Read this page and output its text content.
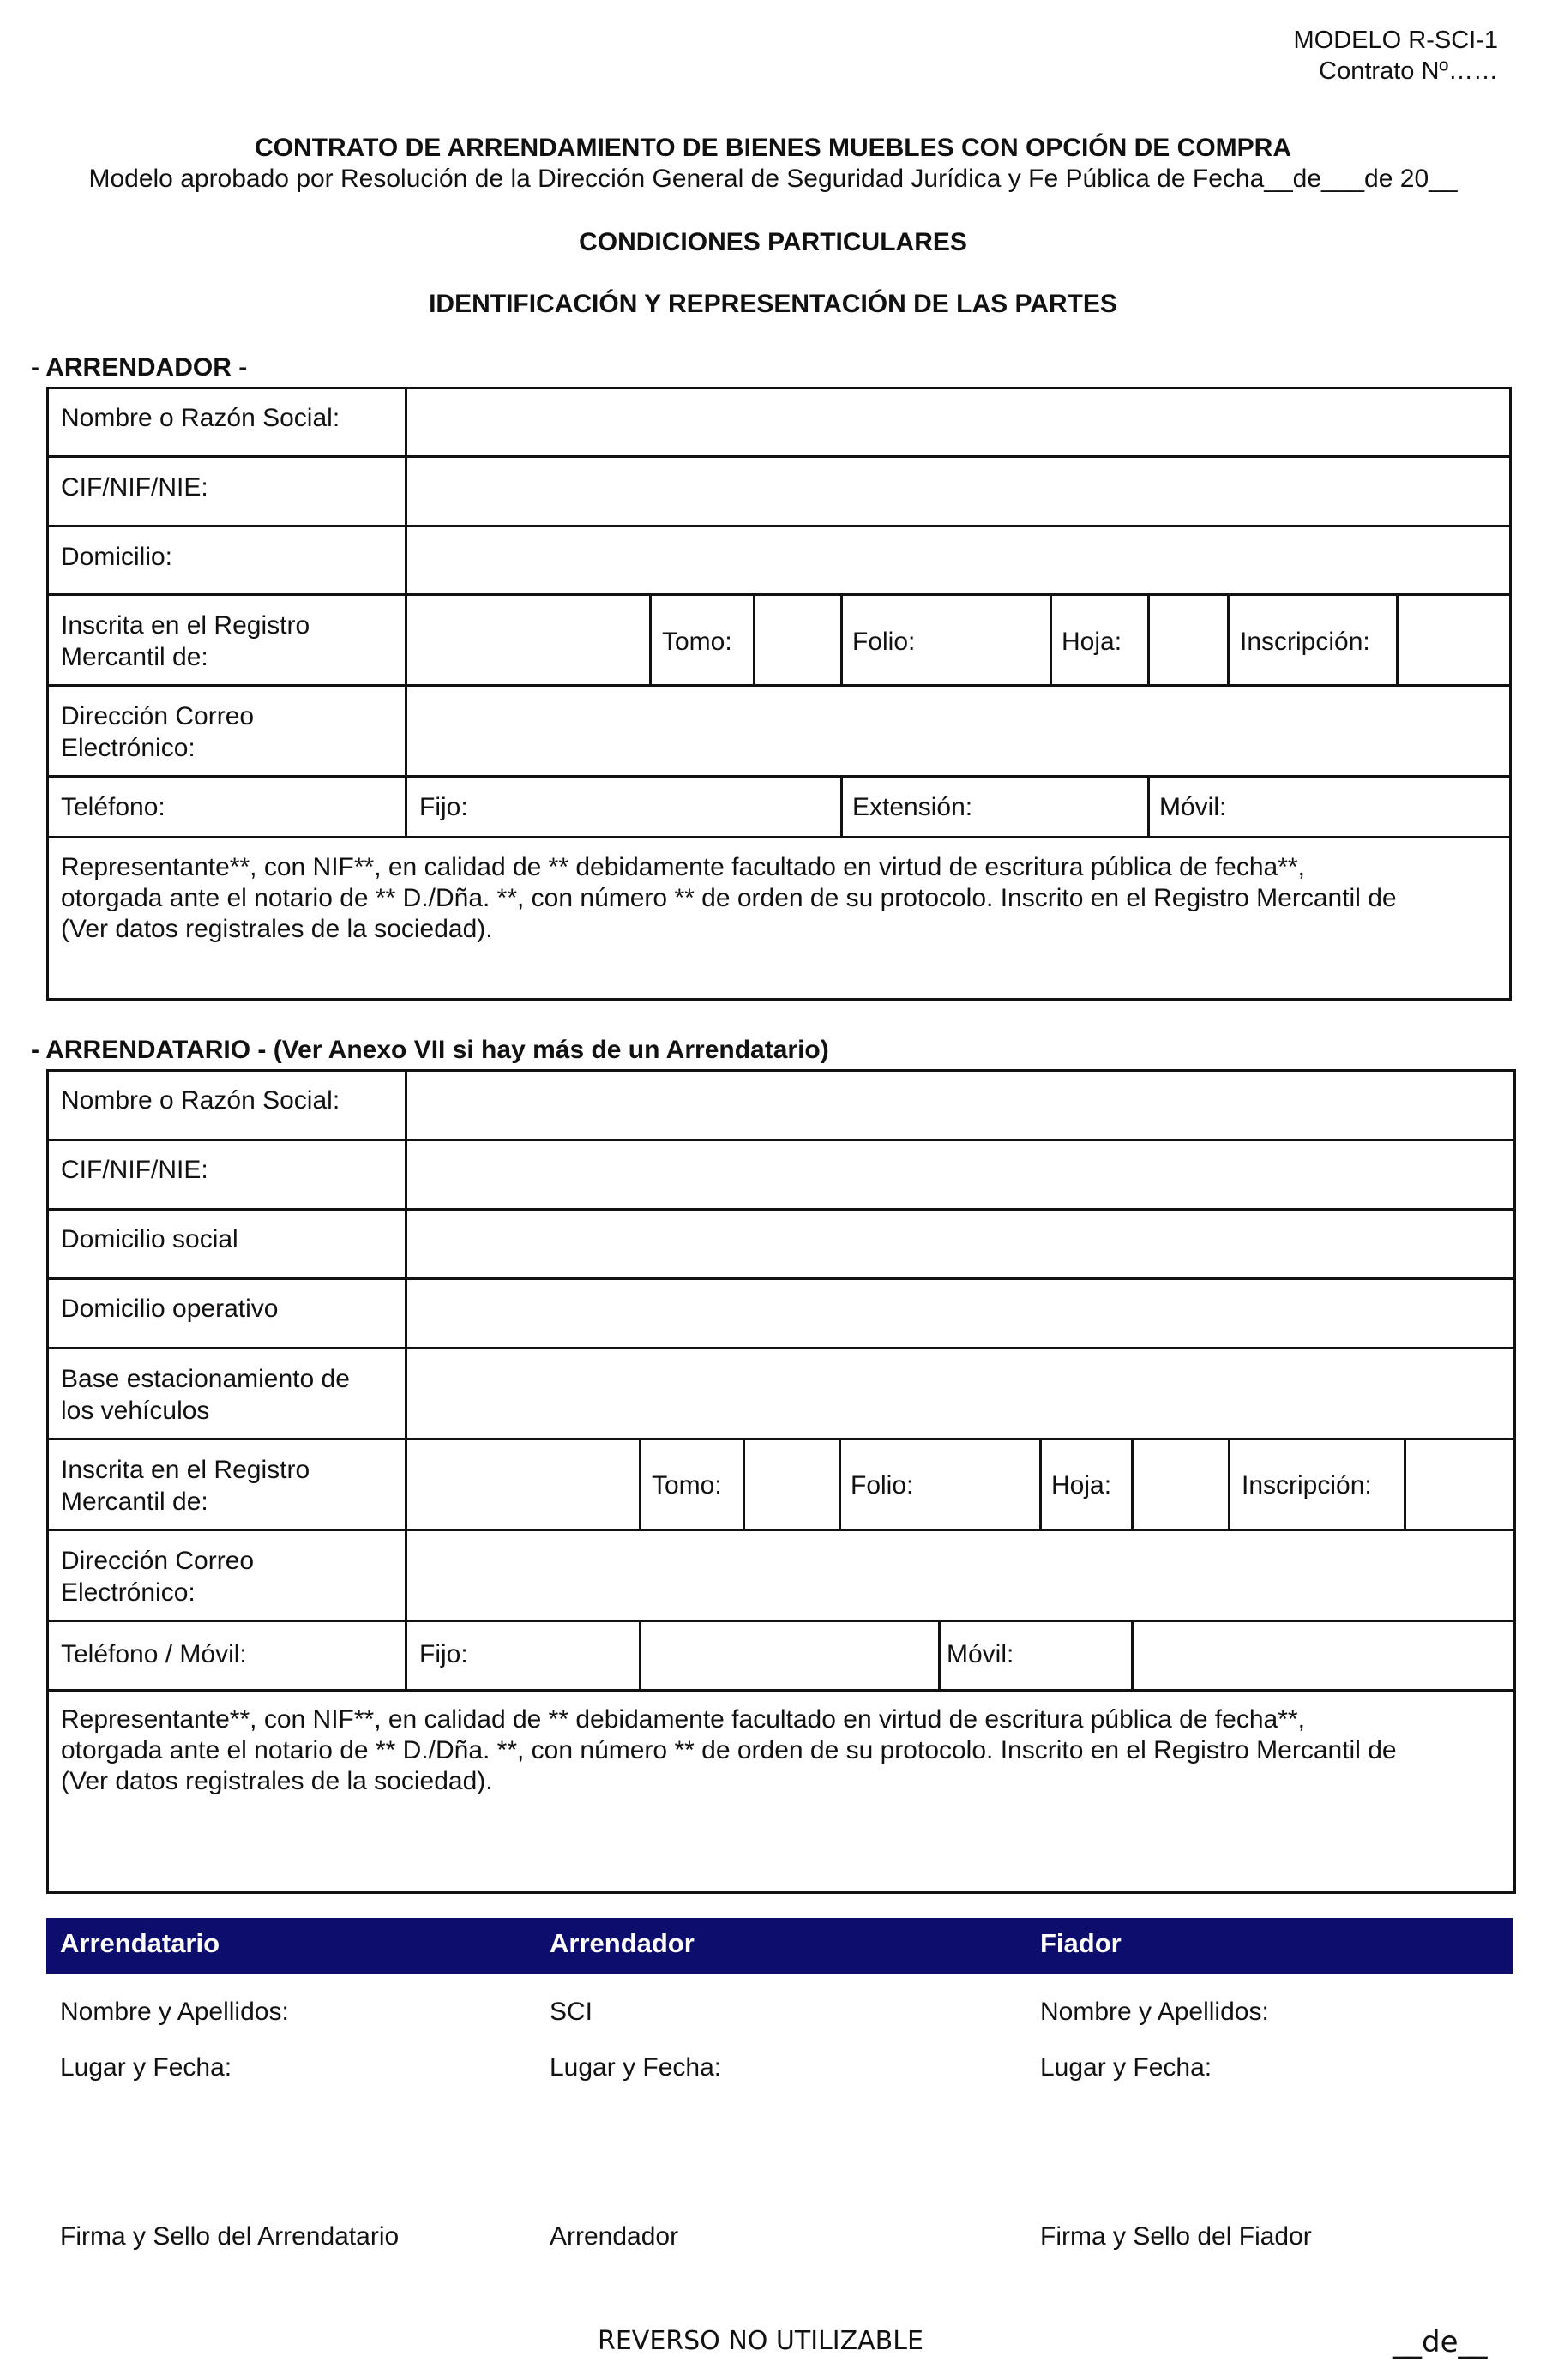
MODELO R-SCI-1
Contrato Nº……
CONTRATO DE ARRENDAMIENTO DE BIENES MUEBLES CON OPCIÓN DE COMPRA
Modelo aprobado por Resolución de la Dirección General de Seguridad Jurídica y Fe Pública de Fecha__de___de 20__
CONDICIONES PARTICULARES
IDENTIFICACIÓN Y REPRESENTACIÓN DE LAS PARTES
- ARRENDADOR -
Nombre o Razón Social:
CIF/NIF/NIE:
Domicilio:
Inscrita en el Registro
Mercantil de:
Tomo:	Folio:	Hoja:	Inscripción:
Dirección Correo
Electrónico:
Teléfono:	Fijo:	Extensión:	Móvil:
Representante**, con NIF**, en calidad de ** debidamente facultado en virtud de escritura pública de fecha**,
otorgada ante el notario de ** D./Dña. **, con número ** de orden de su protocolo. Inscrito en el Registro Mercantil de
(Ver datos registrales de la sociedad).
- ARRENDATARIO - (Ver Anexo VII si hay más de un Arrendatario)
Nombre o Razón Social:
CIF/NIF/NIE:
Domicilio social
Domicilio operativo
Base estacionamiento de
los vehículos
Inscrita en el Registro
Mercantil de:
Tomo:	Folio:	Hoja:	Inscripción:
Dirección Correo
Electrónico:
Teléfono / Móvil:	Fijo:	Móvil:
Representante**, con NIF**, en calidad de ** debidamente facultado en virtud de escritura pública de fecha**,
otorgada ante el notario de ** D./Dña. **, con número ** de orden de su protocolo. Inscrito en el Registro Mercantil de
(Ver datos registrales de la sociedad).
Arrendatario	Arrendador	Fiador
Nombre y Apellidos:	SCI	Nombre y Apellidos:
Lugar y Fecha:	Lugar y Fecha:	Lugar y Fecha:
Firma y Sello del Arrendatario	Arrendador	Firma y Sello del Fiador
REVERSO NO UTILIZABLE	__de__
